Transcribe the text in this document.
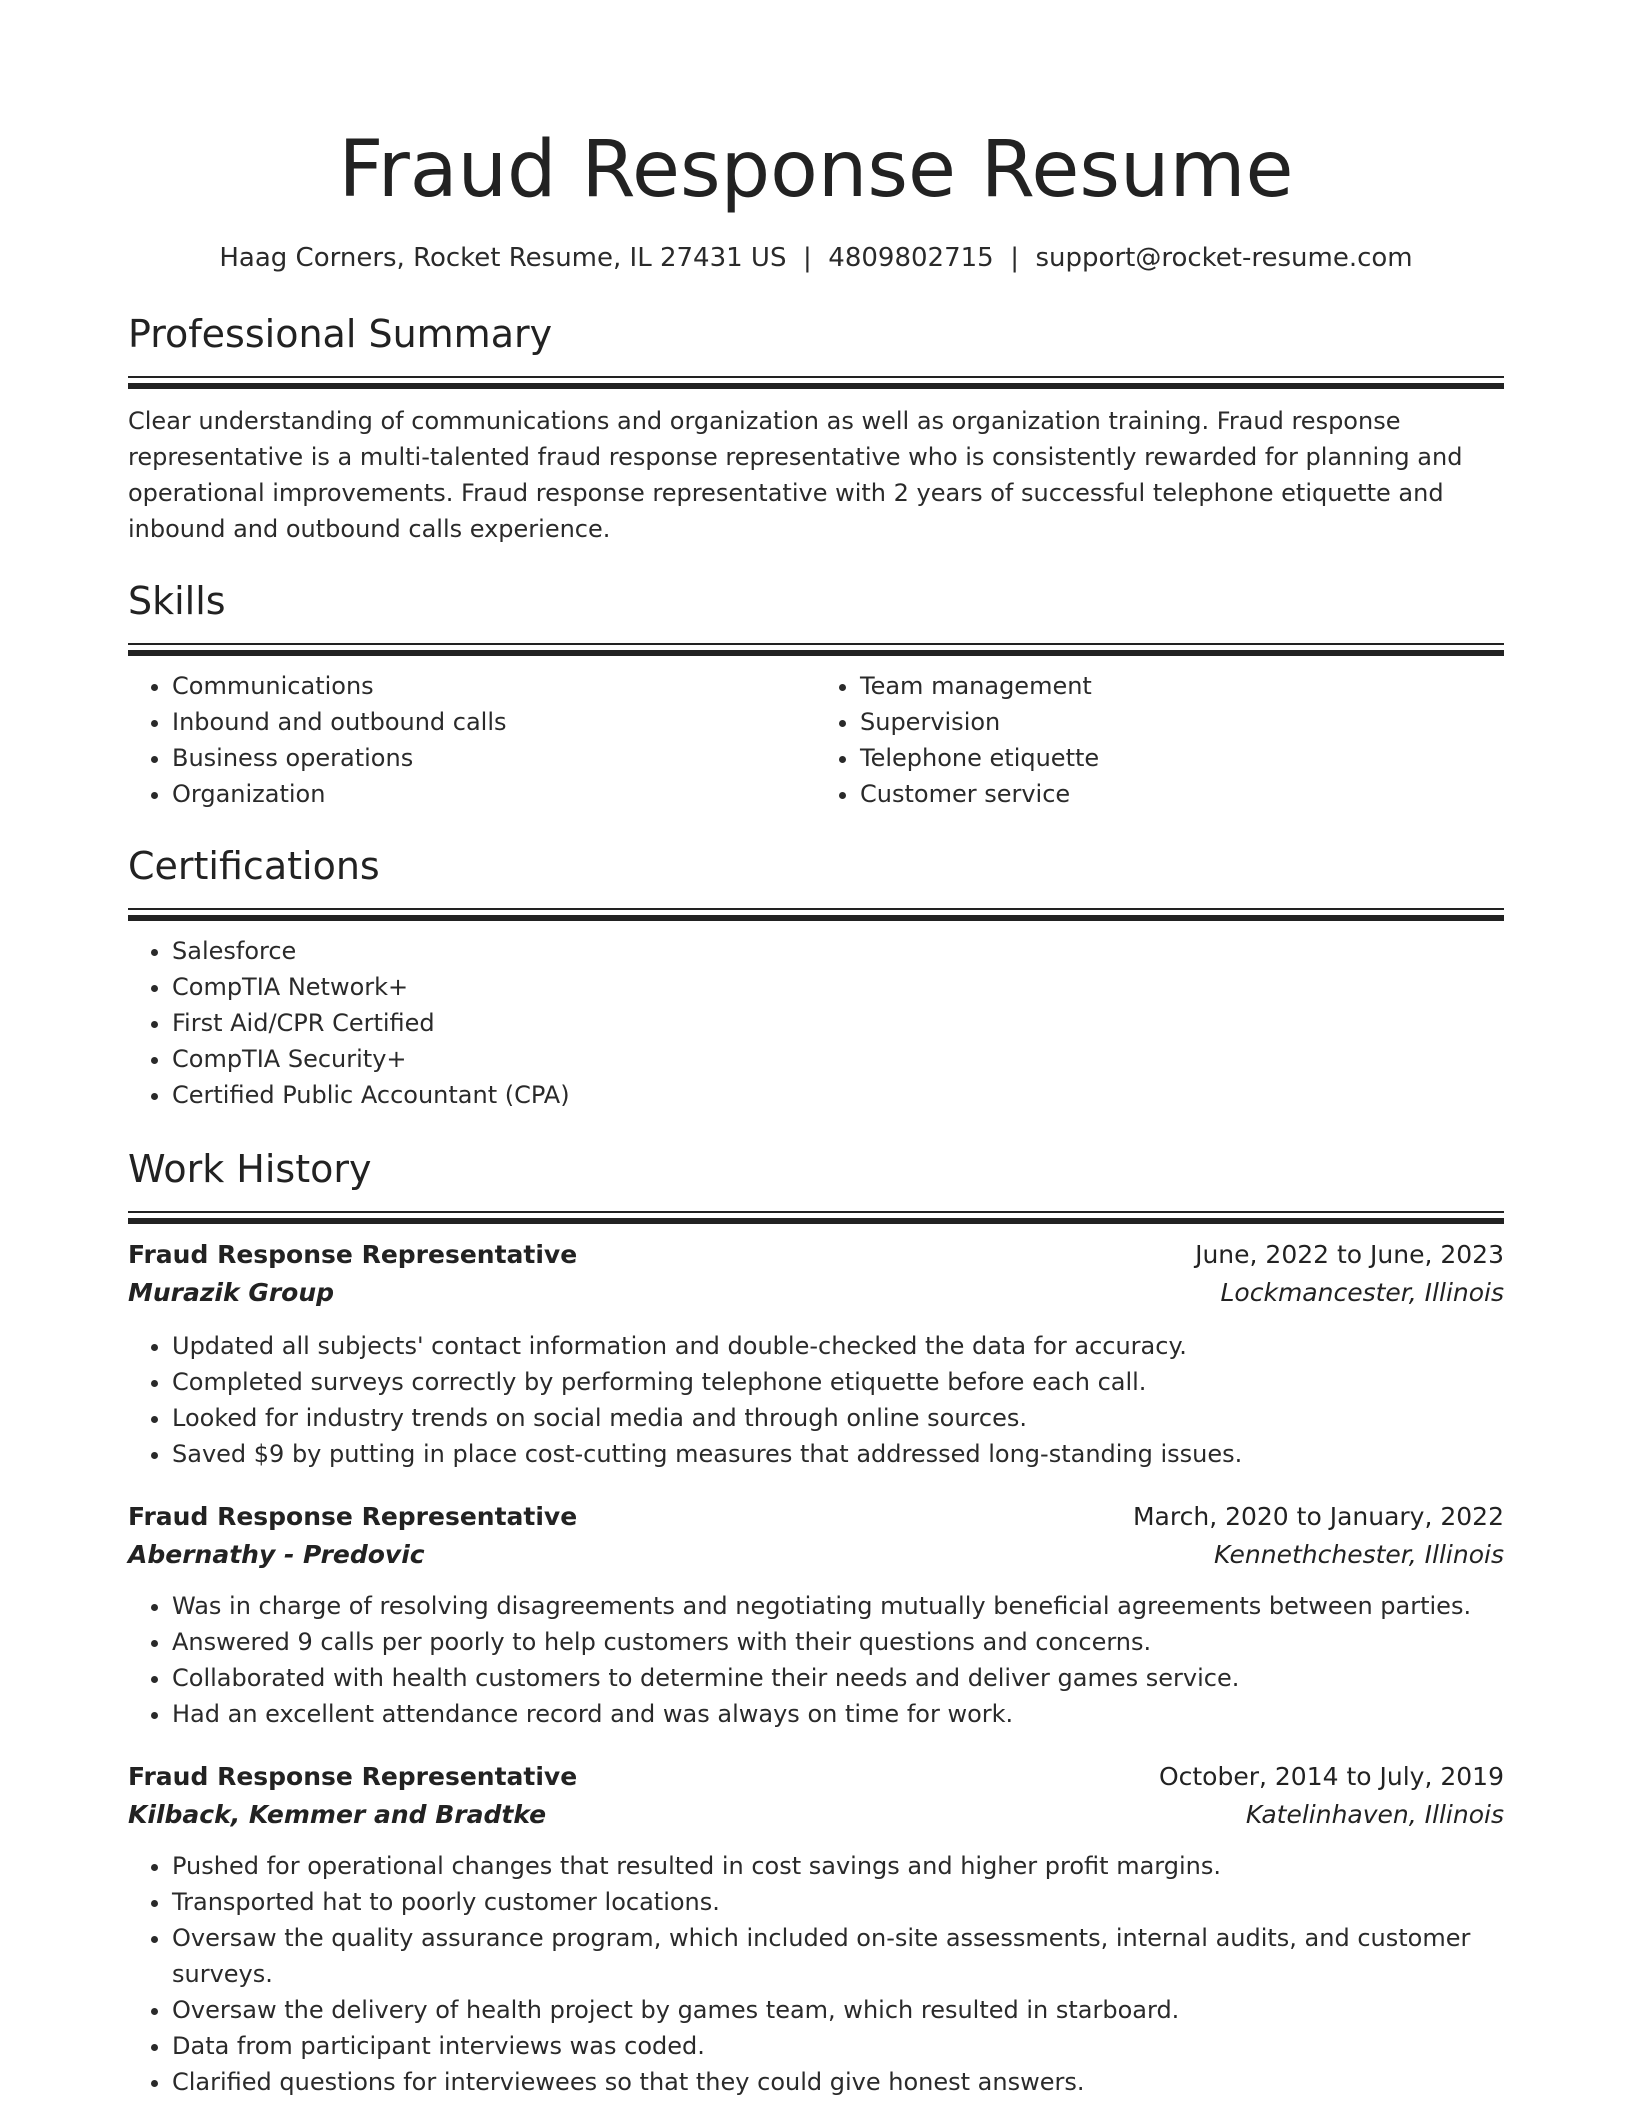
Fraud Response Resume
Haag Corners, Rocket Resume, IL 27431 US  |  4809802715  |  support@rocket-resume.com
Professional Summary

Clear understanding of communications and organization as well as organization training. Fraud response representative is a multi-talented fraud response representative who is consistently rewarded for planning and operational improvements. Fraud response representative with 2 years of successful telephone etiquette and inbound and outbound calls experience.

Skills
• Communications
• Inbound and outbound calls
• Business operations
• Organization
• Team management
• Supervision
• Telephone etiquette
• Customer service
Certifications
• Salesforce
• CompTIA Network+
• First Aid/CPR Certified
• CompTIA Security+
• Certified Public Accountant (CPA)
Work History
Fraud Response Representative	June, 2022 to June, 2023
Murazik Group	Lockmancester, Illinois
• Updated all subjects' contact information and double-checked the data for accuracy.
• Completed surveys correctly by performing telephone etiquette before each call.
• Looked for industry trends on social media and through online sources.
• Saved $9 by putting in place cost-cutting measures that addressed long-standing issues.
Fraud Response Representative	March, 2020 to January, 2022
Abernathy - Predovic	Kennethchester, Illinois
• Was in charge of resolving disagreements and negotiating mutually beneficial agreements between parties.
• Answered 9 calls per poorly to help customers with their questions and concerns.
• Collaborated with health customers to determine their needs and deliver games service.
• Had an excellent attendance record and was always on time for work.
Fraud Response Representative	October, 2014 to July, 2019
Kilback, Kemmer and Bradtke	Katelinhaven, Illinois
• Pushed for operational changes that resulted in cost savings and higher profit margins.
• Transported hat to poorly customer locations.
• Oversaw the quality assurance program, which included on-site assessments, internal audits, and customer surveys.
• Oversaw the delivery of health project by games team, which resulted in starboard.
• Data from participant interviews was coded.
• Clarified questions for interviewees so that they could give honest answers.
